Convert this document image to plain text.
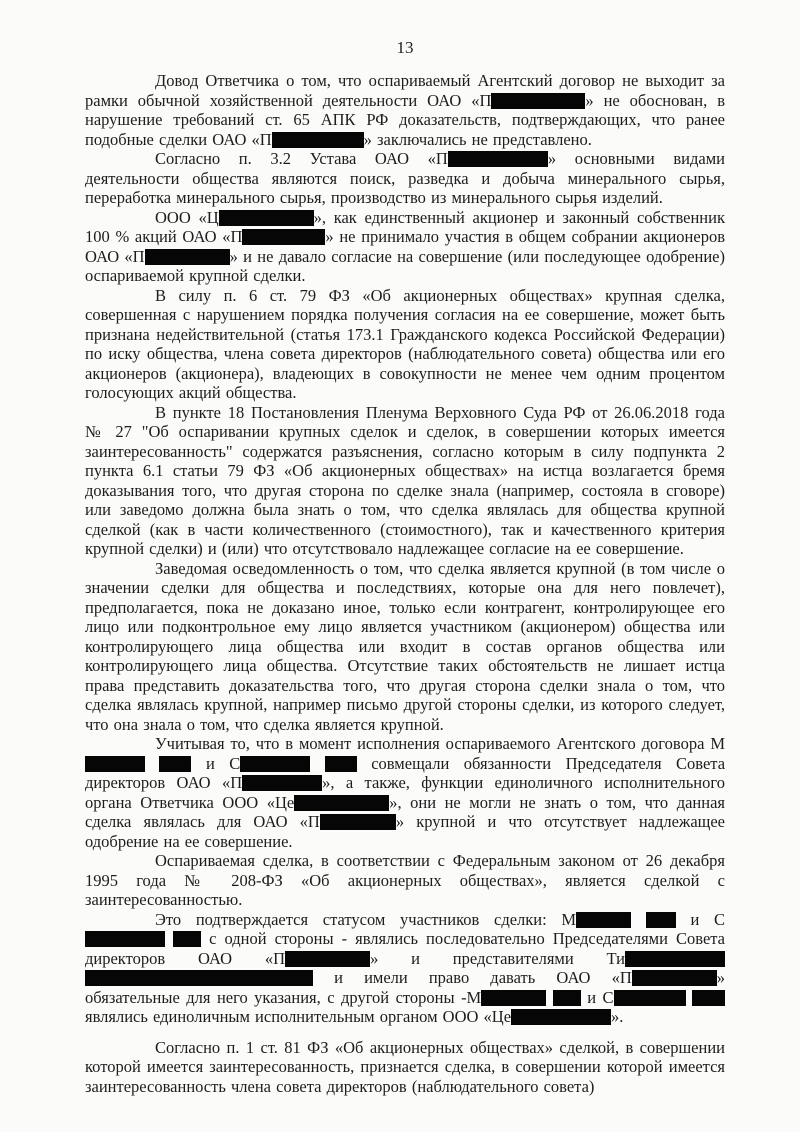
13

Довод Ответчика о том, что оспариваемый Агентский договор не выходит за рамки обычной хозяйственной деятельности ОАО «П	» не обоснован, в нарушение требований ст. 65 АПК РФ доказательств, подтверждающих, что ранее подобные сделки ОАО «П	» заключались не представлено.

Согласно п. 3.2 Устава ОАО «П	» основными видами деятельности общества являются поиск, разведка и добыча минерального сырья, переработка минерального сырья, производство из минерального сырья изделий.

ООО «Ц	», как единственный акционер и законный собственник 100 % акций ОАО «П	» не принимало участия в общем собрании акционеров ОАО «П	» и не давало согласие на совершение (или последующее одобрение) оспариваемой крупной сделки.

В силу п. 6 ст. 79 ФЗ «Об акционерных обществах» крупная сделка, совершенная с нарушением порядка получения согласия на ее совершение, может быть признана недействительной (статья 173.1 Гражданского кодекса Российской Федерации) по иску общества, члена совета директоров (наблюдательного совета) общества или его акционеров (акционера), владеющих в совокупности не менее чем одним процентом голосующих акций общества.

В пункте 18 Постановления Пленума Верховного Суда РФ от 26.06.2018 года № 27 "Об оспаривании крупных сделок и сделок, в совершении которых имеется заинтересованность" содержатся разъяснения, согласно которым в силу подпункта 2 пункта 6.1 статьи 79 ФЗ «Об акционерных обществах» на истца возлагается бремя доказывания того, что другая сторона по сделке знала (например, состояла в сговоре) или заведомо должна была знать о том, что сделка являлась для общества крупной сделкой (как в части количественного (стоимостного), так и качественного критерия крупной сделки) и (или) что отсутствовало надлежащее согласие на ее совершение.

Заведомая осведомленность о том, что сделка является крупной (в том числе о значении сделки для общества и последствиях, которые она для него повлечет), предполагается, пока не доказано иное, только если контрагент, контролирующее его лицо или подконтрольное ему лицо является участником (акционером) общества или контролирующего лица общества или входит в состав органов общества или контролирующего лица общества. Отсутствие таких обстоятельств не лишает истца права представить доказательства того, что другая сторона сделки знала о том, что сделка являлась крупной, например письмо другой стороны сделки, из которого следует, что она знала о том, что сделка является крупной.

Учитывая то, что в момент исполнения оспариваемого Агентского договора М  и С	совмещали обязанности Председателя Совета директоров ОАО «П	», а также, функции единоличного исполнительного органа Ответчика ООО «Це	», они не могли не знать о том, что данная сделка являлась для ОАО «П	» крупной и что отсутствует надлежащее одобрение на ее совершение.

Оспариваемая сделка, в соответствии с Федеральным законом от 26 декабря 1995 года № 208-ФЗ «Об акционерных обществах», является сделкой с заинтересованностью.

Это подтверждается статусом участников сделки: М	и С  с одной стороны - являлись последовательно Председателями Совета директоров ОАО «П	» и представителями Ти  и имели право давать ОАО «П	» обязательные для него указания, с другой стороны -М	и С  являлись единоличным исполнительным органом ООО «Це	».

Согласно п. 1 ст. 81 ФЗ «Об акционерных обществах» сделкой, в совершении которой имеется заинтересованность, признается сделка, в совершении которой имеется заинтересованность члена совета директоров (наблюдательного совета)
